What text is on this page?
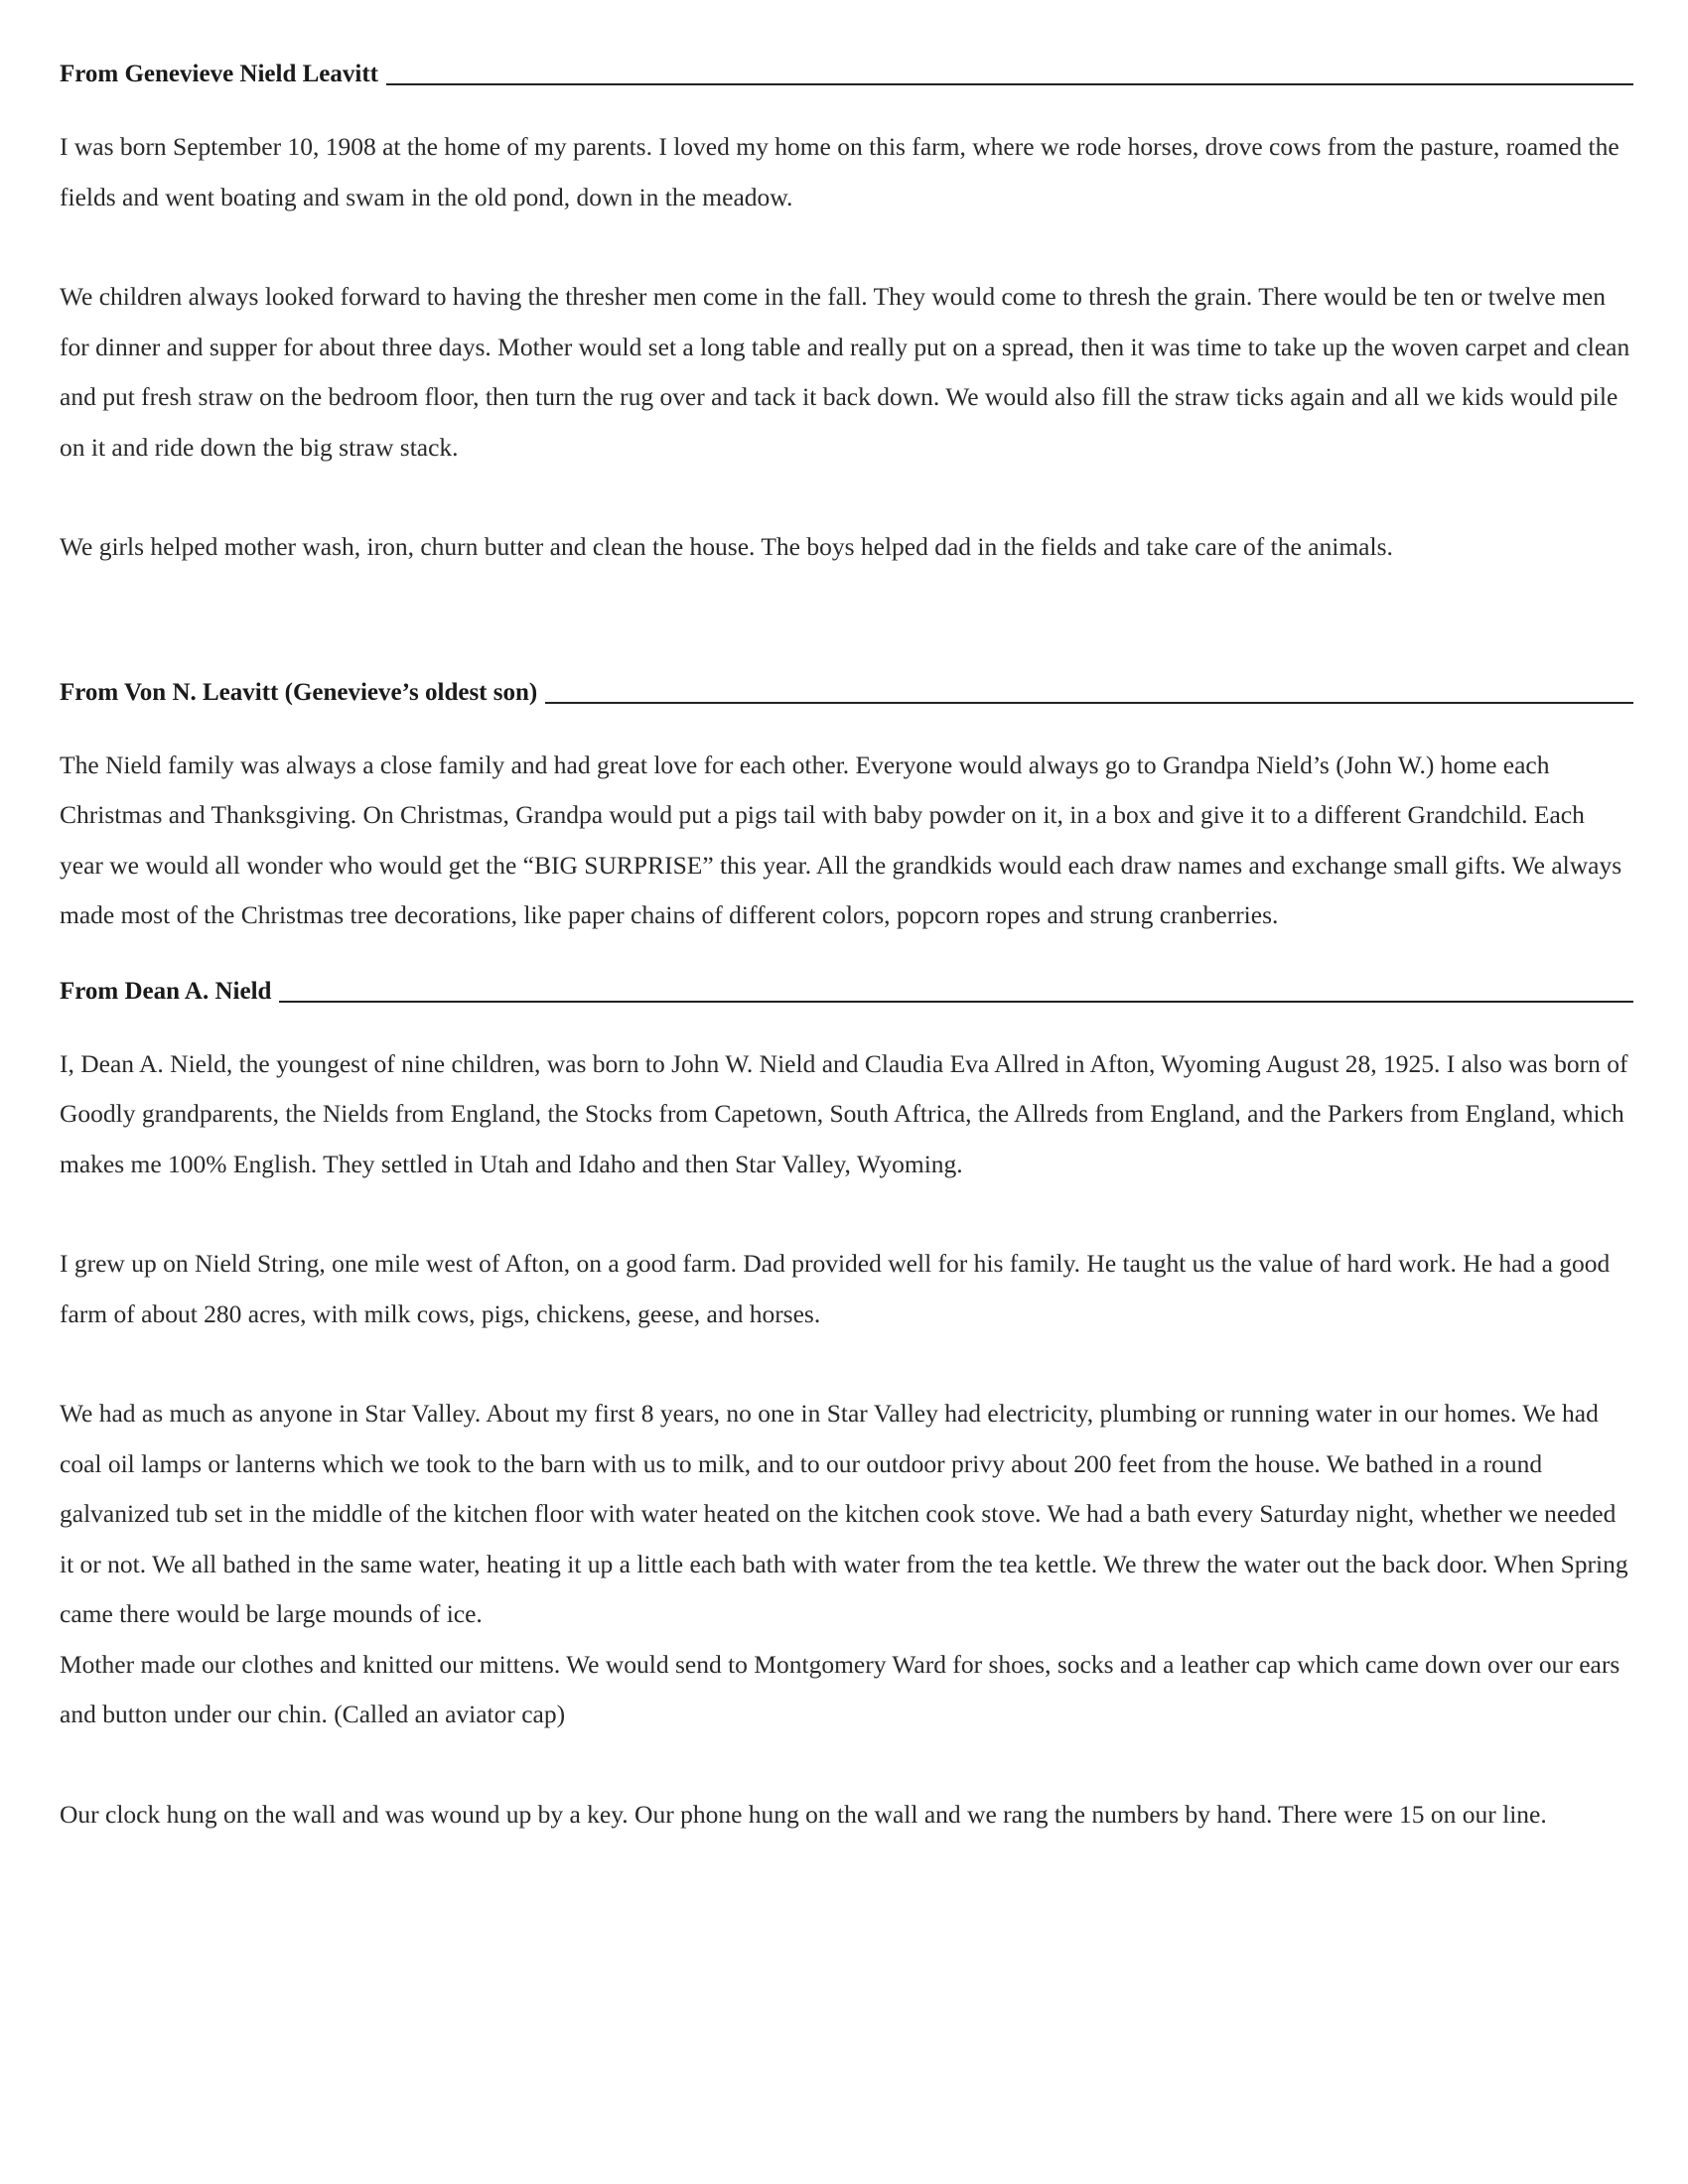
From Genevieve Nield Leavitt

I was born September 10, 1908 at the home of my parents. I loved my home on this farm, where we rode horses, drove cows from the pasture, roamed the fields and went boating and swam in the old pond, down in the meadow.

We children always looked forward to having the thresher men come in the fall. They would come to thresh the grain. There would be ten or twelve men for dinner and supper for about three days. Mother would set a long table and really put on a spread, then it was time to take up the woven carpet and clean and put fresh straw on the bedroom floor, then turn the rug over and tack it back down. We would also fill the straw ticks again and all we kids would pile on it and ride down the big straw stack.

We girls helped mother wash, iron, churn butter and clean the house. The boys helped dad in the fields and take care of the animals.

From Von N. Leavitt (Genevieve’s oldest son)

The Nield family was always a close family and had great love for each other. Everyone would always go to Grandpa Nield’s (John W.) home each Christmas and Thanksgiving. On Christmas, Grandpa would put a pigs tail with baby powder on it, in a box and give it to a different Grandchild. Each year we would all wonder who would get the “BIG SURPRISE” this year. All the grandkids would each draw names and exchange small gifts. We always made most of the Christmas tree decorations, like paper chains of different colors, popcorn ropes and strung cranberries.

From Dean A. Nield

I, Dean A. Nield, the youngest of nine children, was born to John W. Nield and Claudia Eva Allred in Afton, Wyoming August 28, 1925. I also was born of Goodly grandparents, the Nields from England, the Stocks from Capetown, South Aftrica, the Allreds from England, and the Parkers from England, which makes me 100% English. They settled in Utah and Idaho and then Star Valley, Wyoming.

I grew up on Nield String, one mile west of Afton, on a good farm. Dad provided well for his family. He taught us the value of hard work. He had a good farm of about 280 acres, with milk cows, pigs, chickens, geese, and horses.

We had as much as anyone in Star Valley. About my first 8 years, no one in Star Valley had electricity, plumbing or running water in our homes. We had coal oil lamps or lanterns which we took to the barn with us to milk, and to our outdoor privy about 200 feet from the house. We bathed in a round galvanized tub set in the middle of the kitchen floor with water heated on the kitchen cook stove. We had a bath every Saturday night, whether we needed it or not. We all bathed in the same water, heating it up a little each bath with water from the tea kettle. We threw the water out the back door. When Spring came there would be large mounds of ice.

Mother made our clothes and knitted our mittens. We would send to Montgomery Ward for shoes, socks and a leather cap which came down over our ears and button under our chin. (Called an aviator cap)

Our clock hung on the wall and was wound up by a key. Our phone hung on the wall and we rang the numbers by hand. There were 15 on our line.
